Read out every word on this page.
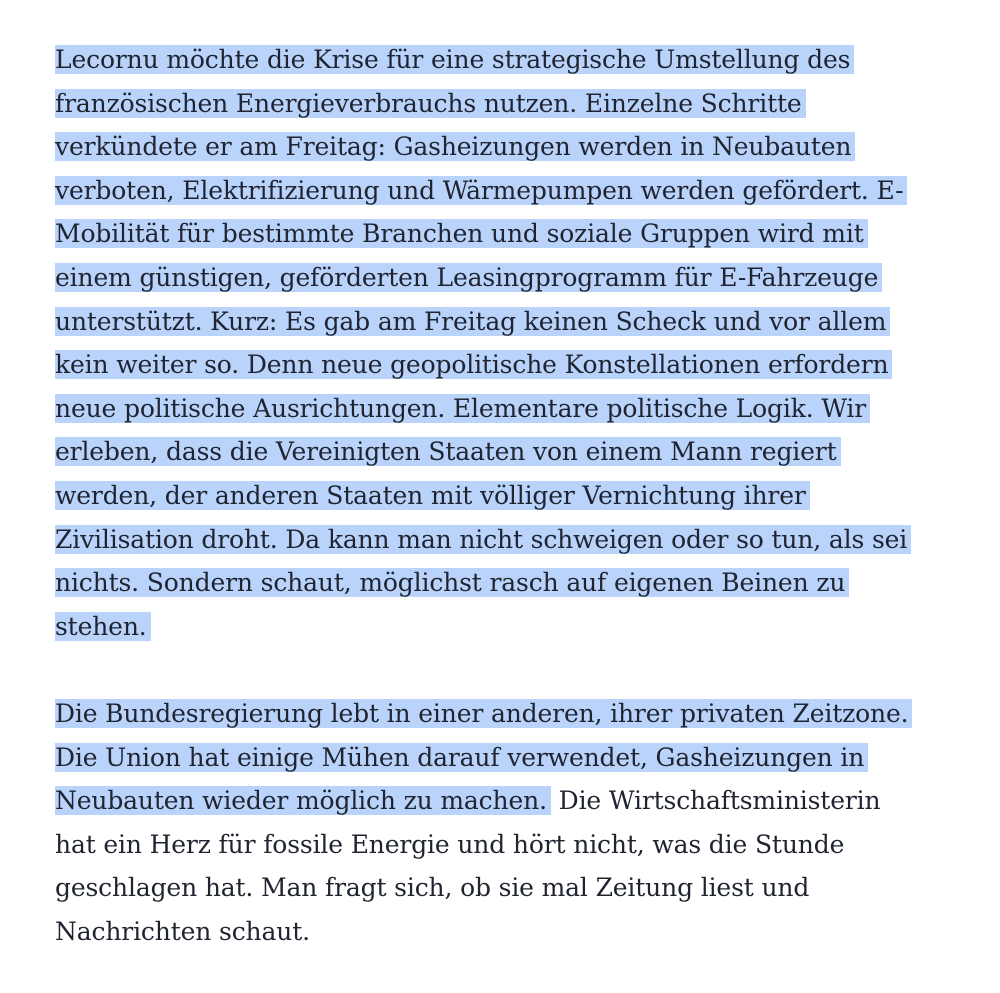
Lecornu möchte die Krise für eine strategische Umstellung des
französischen Energieverbrauchs nutzen. Einzelne Schritte
verkündete er am Freitag: Gasheizungen werden in Neubauten
verboten, Elektrifizierung und Wärmepumpen werden gefördert. E-
Mobilität für bestimmte Branchen und soziale Gruppen wird mit
einem günstigen, geförderten Leasingprogramm für E-Fahrzeuge
unterstützt. Kurz: Es gab am Freitag keinen Scheck und vor allem
kein weiter so. Denn neue geopolitische Konstellationen erfordern
neue politische Ausrichtungen. Elementare politische Logik. Wir
erleben, dass die Vereinigten Staaten von einem Mann regiert
werden, der anderen Staaten mit völliger Vernichtung ihrer
Zivilisation droht. Da kann man nicht schweigen oder so tun, als sei
nichts. Sondern schaut, möglichst rasch auf eigenen Beinen zu
stehen.
Die Bundesregierung lebt in einer anderen, ihrer privaten Zeitzone.
Die Union hat einige Mühen darauf verwendet, Gasheizungen in
Neubauten wieder möglich zu machen. Die Wirtschaftsministerin
hat ein Herz für fossile Energie und hört nicht, was die Stunde
geschlagen hat. Man fragt sich, ob sie mal Zeitung liest und
Nachrichten schaut.
